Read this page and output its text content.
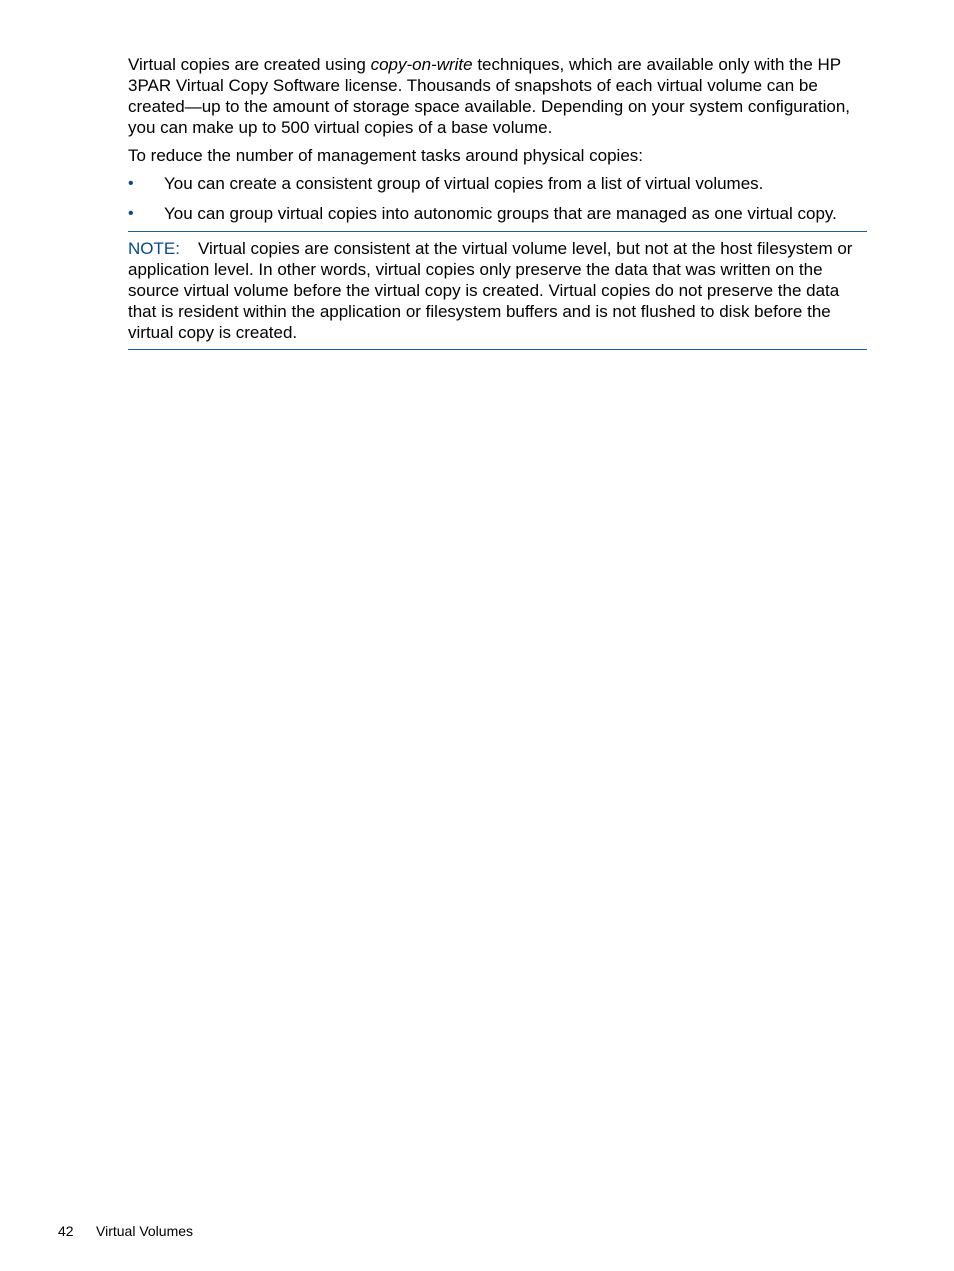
Virtual copies are created using copy-on-write techniques, which are available only with the HP 3PAR Virtual Copy Software license. Thousands of snapshots of each virtual volume can be created—up to the amount of storage space available. Depending on your system configuration, you can make up to 500 virtual copies of a base volume.

To reduce the number of management tasks around physical copies:

• You can create a consistent group of virtual copies from a list of virtual volumes.
• You can group virtual copies into autonomic groups that are managed as one virtual copy.
NOTE: Virtual copies are consistent at the virtual volume level, but not at the host filesystem or application level. In other words, virtual copies only preserve the data that was written on the source virtual volume before the virtual copy is created. Virtual copies do not preserve the data that is resident within the application or filesystem buffers and is not flushed to disk before the virtual copy is created.
42 Virtual Volumes
